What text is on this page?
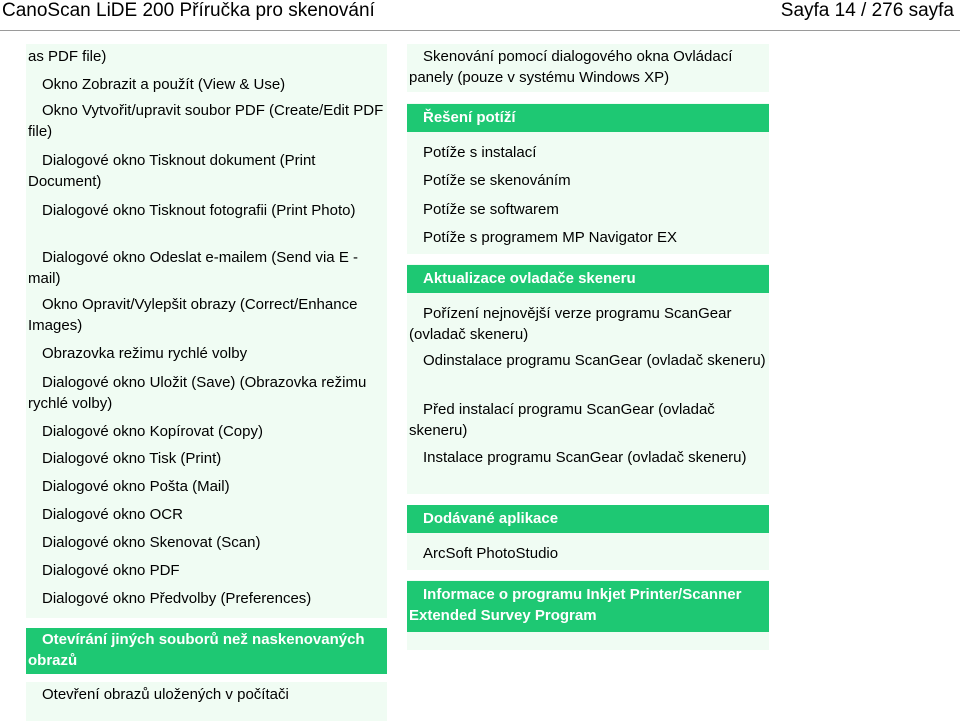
CanoScan LiDE 200 Příručka pro skenování	Sayfa 14 / 276 sayfa
as PDF file)
Okno Zobrazit a použít (View & Use)
Okno Vytvořit/upravit soubor PDF (Create/Edit PDF file)
Dialogové okno Tisknout dokument (Print Document)
Dialogové okno Tisknout fotografii (Print Photo)
Dialogové okno Odeslat e-mailem (Send via E -mail)
Okno Opravit/Vylepšit obrazy (Correct/Enhance Images)
Obrazovka režimu rychlé volby
Dialogové okno Uložit (Save) (Obrazovka režimu rychlé volby)
Dialogové okno Kopírovat (Copy)
Dialogové okno Tisk (Print)
Dialogové okno Pošta (Mail)
Dialogové okno OCR
Dialogové okno Skenovat (Scan)
Dialogové okno PDF
Dialogové okno Předvolby (Preferences)
Otevírání jiných souborů než naskenovaných obrazů
Otevření obrazů uložených v počítači
Skenování pomocí dialogového okna Ovládací panely (pouze v systému Windows XP)
Řešení potíží
Potíže s instalací
Potíže se skenováním
Potíže se softwarem
Potíže s programem MP Navigator EX
Aktualizace ovladače skeneru
Pořízení nejnovější verze programu ScanGear (ovladač skeneru)
Odinstalace programu ScanGear (ovladač skeneru)
Před instalací programu ScanGear (ovladač skeneru)
Instalace programu ScanGear (ovladač skeneru)
Dodávané aplikace
ArcSoft PhotoStudio
Informace o programu Inkjet Printer/Scanner Extended Survey Program
